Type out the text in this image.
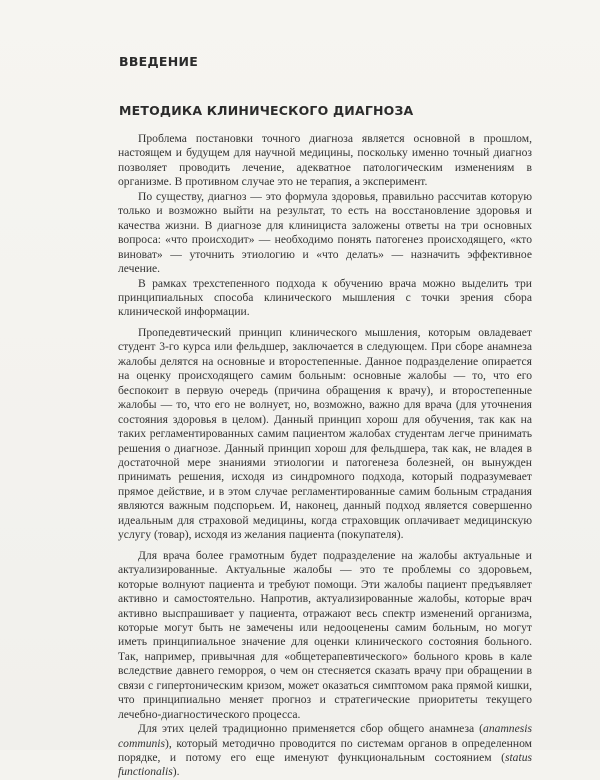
ВВЕДЕНИЕ
МЕТОДИКА КЛИНИЧЕСКОГО ДИАГНОЗА

Проблема постановки точного диагноза является основной в прошлом, настоящем и будущем для научной медицины, поскольку именно точный диагноз позволяет проводить лечение, адекватное патологическим изменениям в организме. В противном случае это не терапия, а эксперимент.

По существу, диагноз — это формула здоровья, правильно рассчитав которую только и возможно выйти на результат, то есть на восстановление здоровья и качества жизни. В диагнозе для клинициста заложены ответы на три основных вопроса: «что происходит» — необходимо понять патогенез происходящего, «кто виноват» — уточнить этиологию и «что делать» — назначить эффективное лечение.

В рамках трехстепенного подхода к обучению врача можно выделить три принципиальных способа клинического мышления с точки зрения сбора клинической информации.

Пропедевтический принцип клинического мышления, которым овладевает студент 3-го курса или фельдшер, заключается в следующем. При сборе анамнеза жалобы делятся на основные и второстепенные. Данное подразделение опирается на оценку происходящего самим больным: основные жалобы — то, что его беспокоит в первую очередь (причина обращения к врачу), и второстепенные жалобы — то, что его не волнует, но, возможно, важно для врача (для уточнения состояния здоровья в целом). Данный принцип хорош для обучения, так как на таких регламентированных самим пациентом жалобах студентам легче принимать решения о диагнозе. Данный принцип хорош для фельдшера, так как, не владея в достаточной мере знаниями этиологии и патогенеза болезней, он вынужден принимать решения, исходя из синдромного подхода, который подразумевает прямое действие, и в этом случае регламентированные самим больным страдания являются важным подспорьем. И, наконец, данный подход является совершенно идеальным для страховой медицины, когда страховщик оплачивает медицинскую услугу (товар), исходя из желания пациента (покупателя).

Для врача более грамотным будет подразделение на жалобы актуальные и актуализированные. Актуальные жалобы — это те проблемы со здоровьем, которые волнуют пациента и требуют помощи. Эти жалобы пациент предъявляет активно и самостоятельно. Напротив, актуализированные жалобы, которые врач активно выспрашивает у пациента, отражают весь спектр изменений организма, которые могут быть не замечены или недооценены самим больным, но могут иметь принципиальное значение для оценки клинического состояния больного. Так, например, привычная для «общетерапевтического» больного кровь в кале вследствие давнего геморроя, о чем он стесняется сказать врачу при обращении в связи с гипертоническим кризом, может оказаться симптомом рака прямой кишки, что принципиально меняет прогноз и стратегические приоритеты текущего лечебно-диагностического процесса.

Для этих целей традиционно применяется сбор общего анамнеза (anamnesis communis), который методично проводится по системам органов в определенном порядке, и потому его еще именуют функциональным состоянием (status functionalis).
